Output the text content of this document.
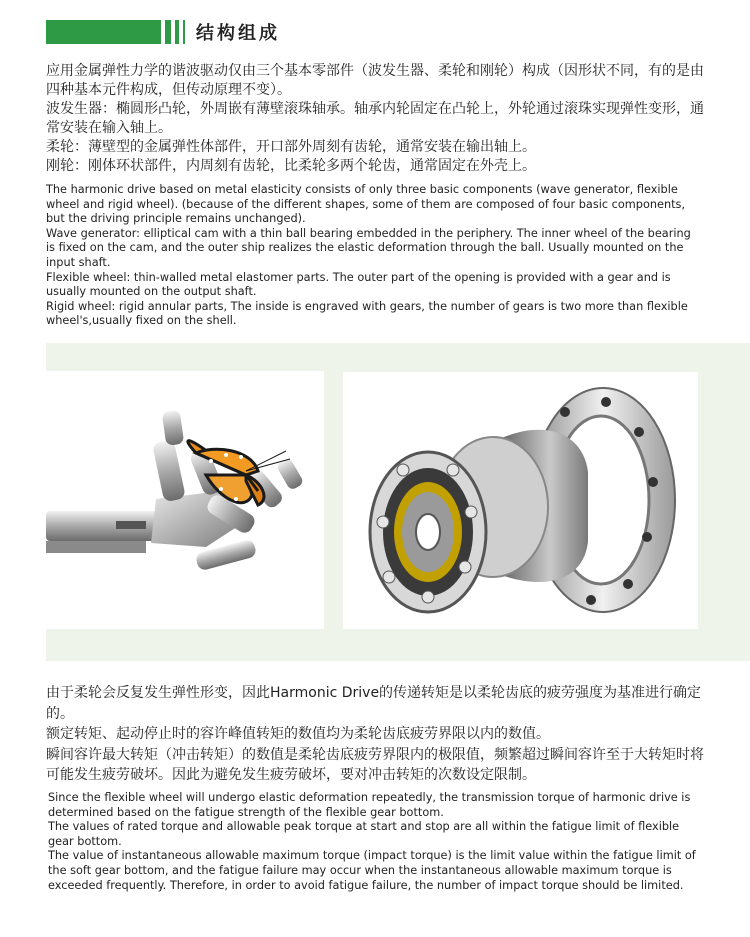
结构组成

应用金属弹性力学的谐波驱动仅由三个基本零部件（波发生器、柔轮和刚轮）构成（因形状不同，有的是由四种基本元件构成，但传动原理不变）。

波发生器：椭圆形凸轮，外周嵌有薄壁滚珠轴承。轴承内轮固定在凸轮上，外轮通过滚珠实现弹性变形，通常安装在输入轴上。

柔轮：薄壁型的金属弹性体部件，开口部外周刻有齿轮，通常安装在输出轴上。

刚轮：刚体环状部件，内周刻有齿轮，比柔轮多两个轮齿，通常固定在外壳上。

The harmonic drive based on metal elasticity consists of only three basic components (wave generator, flexible wheel and rigid wheel). (because of the different shapes, some of them are composed of four basic components, but the driving principle remains unchanged).

Wave generator: elliptical cam with a thin ball bearing embedded in the periphery. The inner wheel of the bearing is fixed on the cam, and the outer ship realizes the elastic deformation through the ball. Usually mounted on the input shaft.

Flexible wheel: thin-walled metal elastomer parts. The outer part of the opening is provided with a gear and is usually mounted on the output shaft.

Rigid wheel: rigid annular parts, The inside is engraved with gears, the number of gears is two more than flexible wheel's,usually fixed on the shell.

由于柔轮会反复发生弹性形变，因此Harmonic Drive的传递转矩是以柔轮齿底的疲劳强度为基准进行确定的。

额定转矩、起动停止时的容许峰值转矩的数值均为柔轮齿底疲劳界限以内的数值。

瞬间容许最大转矩（冲击转矩）的数值是柔轮齿底疲劳界限内的极限值，频繁超过瞬间容许至于大转矩时将可能发生疲劳破坏。因此为避免发生疲劳破坏，要对冲击转矩的次数设定限制。

Since the flexible wheel will undergo elastic deformation repeatedly, the transmission torque of harmonic drive is determined based on the fatigue strength of the flexible gear bottom.

The values of rated torque and allowable peak torque at start and stop are all within the fatigue limit of flexible gear bottom.

The value of instantaneous allowable maximum torque (impact torque) is the limit value within the fatigue limit of the soft gear bottom, and the fatigue failure may occur when the instantaneous allowable maximum torque is exceeded frequently. Therefore, in order to avoid fatigue failure, the number of impact torque should be limited.
